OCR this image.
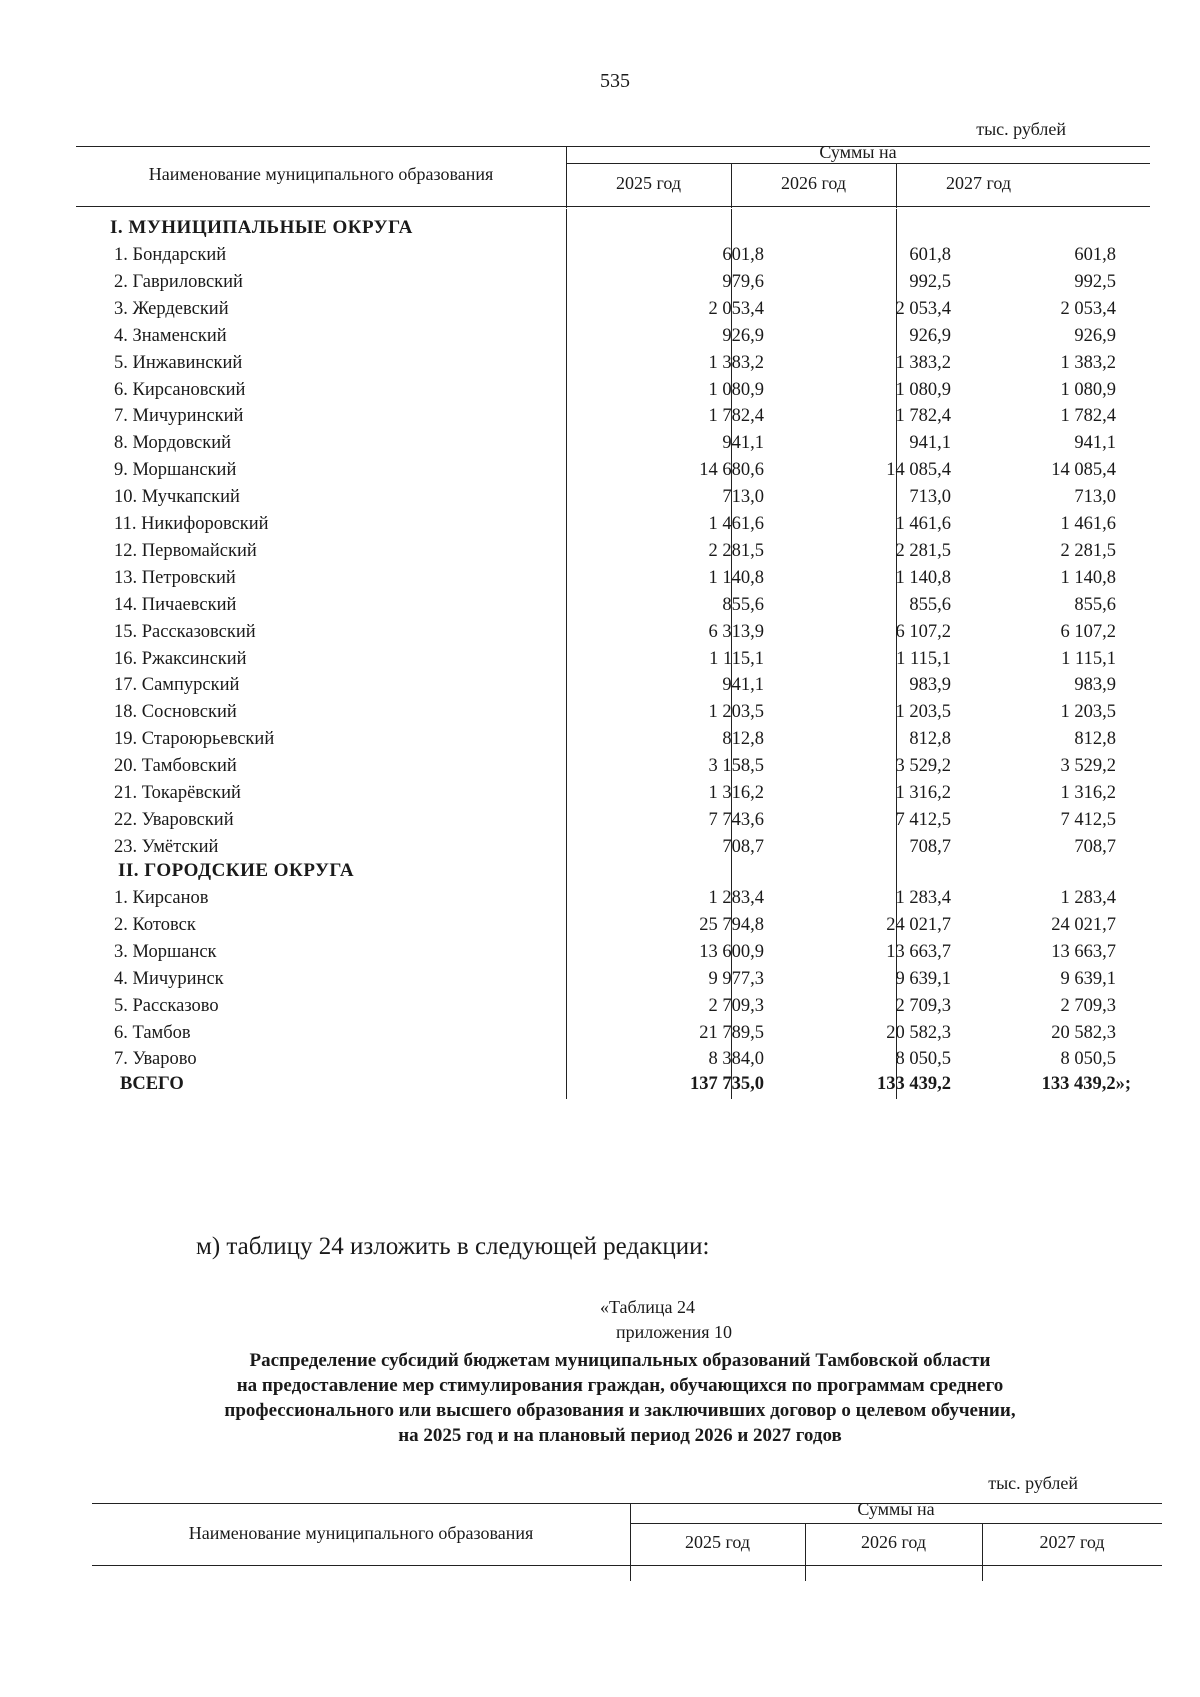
535
тыс. рублей
Наименование муниципального образования
Суммы на
2025 год	2026 год	2027 год
I. МУНИЦИПАЛЬНЫЕ ОКРУГА
1. Бондарский	601,8	601,8	601,8
2. Гавриловский	979,6	992,5	992,5
3. Жердевский	2 053,4	2 053,4	2 053,4
4. Знаменский	926,9	926,9	926,9
5. Инжавинский	1 383,2	1 383,2	1 383,2
6. Кирсановский	1 080,9	1 080,9	1 080,9
7. Мичуринский	1 782,4	1 782,4	1 782,4
8. Мордовский	941,1	941,1	941,1
9. Моршанский	14 680,6	14 085,4	14 085,4
10. Мучкапский	713,0	713,0	713,0
11. Никифоровский	1 461,6	1 461,6	1 461,6
12. Первомайский	2 281,5	2 281,5	2 281,5
13. Петровский	1 140,8	1 140,8	1 140,8
14. Пичаевский	855,6	855,6	855,6
15. Рассказовский	6 313,9	6 107,2	6 107,2
16. Ржаксинский	1 115,1	1 115,1	1 115,1
17. Сампурский	941,1	983,9	983,9
18. Сосновский	1 203,5	1 203,5	1 203,5
19. Староюрьевский	812,8	812,8	812,8
20. Тамбовский	3 158,5	3 529,2	3 529,2
21. Токарёвский	1 316,2	1 316,2	1 316,2
22. Уваровский	7 743,6	7 412,5	7 412,5
23. Умётский	708,7	708,7	708,7
II. ГОРОДСКИЕ ОКРУГА
1. Кирсанов	1 283,4	1 283,4	1 283,4
2. Котовск	25 794,8	24 021,7	24 021,7
3. Моршанск	13 600,9	13 663,7	13 663,7
4. Мичуринск	9 977,3	9 639,1	9 639,1
5. Рассказово	2 709,3	2 709,3	2 709,3
6. Тамбов	21 789,5	20 582,3	20 582,3
7. Уварово	8 384,0	8 050,5	8 050,5
ВСЕГО	137 735,0	133 439,2	133 439,2»;
м) таблицу 24 изложить в следующей редакции:
«Таблица 24
приложения 10
Распределение субсидий бюджетам муниципальных образований Тамбовской области
на предоставление мер стимулирования граждан, обучающихся по программам среднего
профессионального или высшего образования и заключивших договор о целевом обучении,
на 2025 год и на плановый период 2026 и 2027 годов
тыс. рублей
Наименование муниципального образования
Суммы на
2025 год	2026 год	2027 год
